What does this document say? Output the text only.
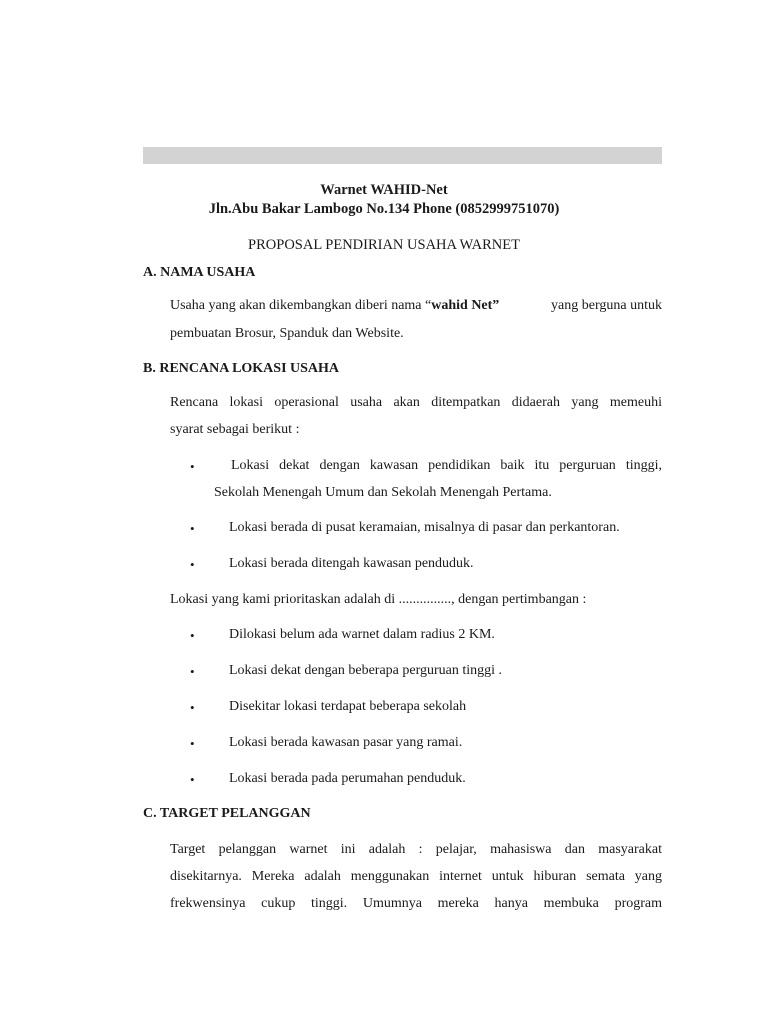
Warnet WAHID-Net
Jln.Abu Bakar Lambogo No.134 Phone (0852999751070)
PROPOSAL PENDIRIAN USAHA WARNET
A. NAMA USAHA
Usaha yang akan dikembangkan diberi nama “wahid Net”	yang berguna untuk
pembuatan Brosur, Spanduk dan Website.
B. RENCANA LOKASI USAHA
Rencana lokasi operasional usaha akan ditempatkan didaerah yang memeuhi
syarat sebagai berikut :
•	Lokasi dekat dengan kawasan pendidikan baik itu perguruan tinggi,
Sekolah Menengah Umum dan Sekolah Menengah Pertama.
• Lokasi berada di pusat keramaian, misalnya di pasar dan perkantoran.
• Lokasi berada ditengah kawasan penduduk.
Lokasi yang kami prioritaskan adalah di ..............., dengan pertimbangan :
• Dilokasi belum ada warnet dalam radius 2 KM.
• Lokasi dekat dengan beberapa perguruan tinggi .
• Disekitar lokasi terdapat beberapa sekolah
• Lokasi berada kawasan pasar yang ramai.
• Lokasi berada pada perumahan penduduk.
C. TARGET PELANGGAN
Target pelanggan warnet ini adalah : pelajar, mahasiswa dan masyarakat
disekitarnya. Mereka adalah menggunakan internet untuk hiburan semata yang
frekwensinya cukup tinggi. Umumnya mereka hanya membuka program
